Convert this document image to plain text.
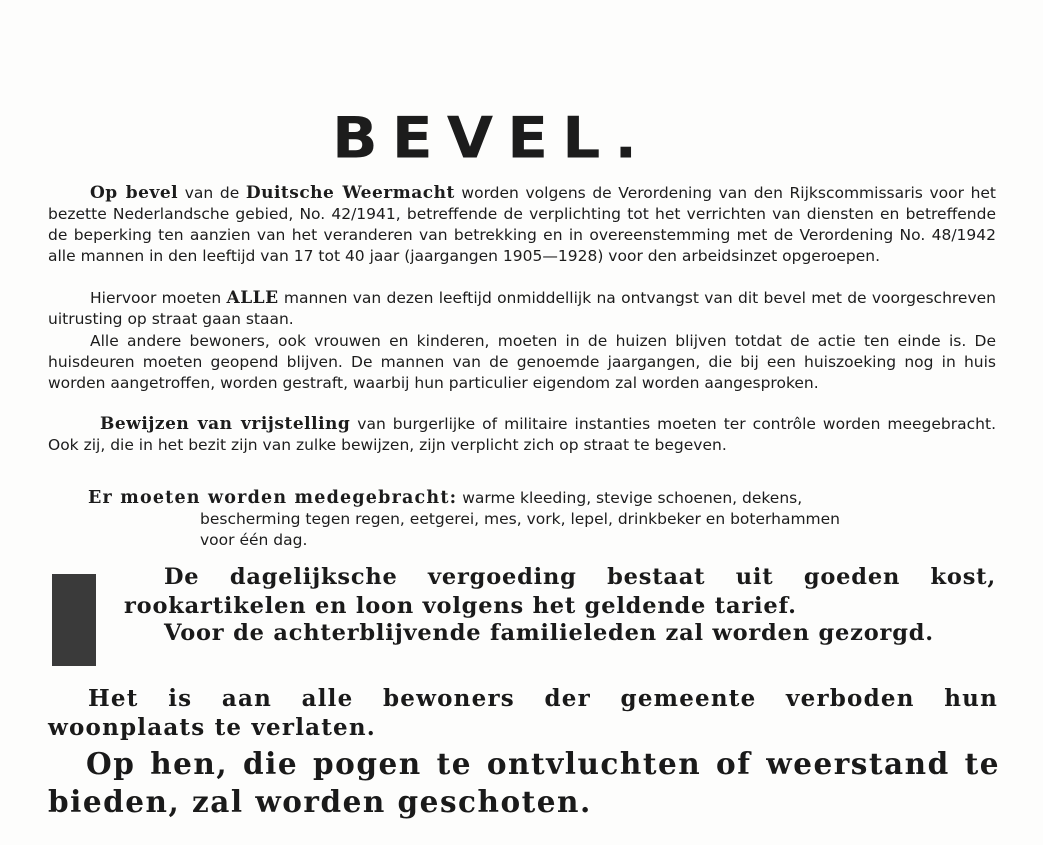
BEVEL.
Op bevel van de Duitsche Weermacht worden volgens de Verordening van den Rijkscommissaris voor het bezette Nederlandsche gebied, No. 42/1941, betreffende de verplichting tot het verrichten van diensten en betreffende de beperking ten aanzien van het veranderen van betrekking en in overeenstemming met de Verordening No. 48/1942 alle mannen in den leeftijd van 17 tot 40 jaar (jaargangen 1905—1928) voor den arbeidsinzet opgeroepen.
Hiervoor moeten ALLE mannen van dezen leeftijd onmiddellijk na ontvangst van dit bevel met de voorgeschreven uitrusting op straat gaan staan.
Alle andere bewoners, ook vrouwen en kinderen, moeten in de huizen blijven totdat de actie ten einde is. De huisdeuren moeten geopend blijven. De mannen van de genoemde jaargangen, die bij een huiszoeking nog in huis worden aangetroffen, worden gestraft, waarbij hun particulier eigendom zal worden aangesproken.
Bewijzen van vrijstelling van burgerlijke of militaire instanties moeten ter contrôle worden meegebracht. Ook zij, die in het bezit zijn van zulke bewijzen, zijn verplicht zich op straat te begeven.
Er moeten worden medegebracht: warme kleeding, stevige schoenen, dekens,
bescherming tegen regen, eetgerei, mes, vork, lepel, drinkbeker en boterhammen
voor één dag.
De dagelijksche vergoeding bestaat uit goeden kost, rookartikelen en loon volgens het geldende tarief.
Voor de achterblijvende familieleden zal worden gezorgd.
Het is aan alle bewoners der gemeente verboden hun woonplaats te verlaten.
Op hen, die pogen te ontvluchten of weerstand te bieden, zal worden geschoten.
